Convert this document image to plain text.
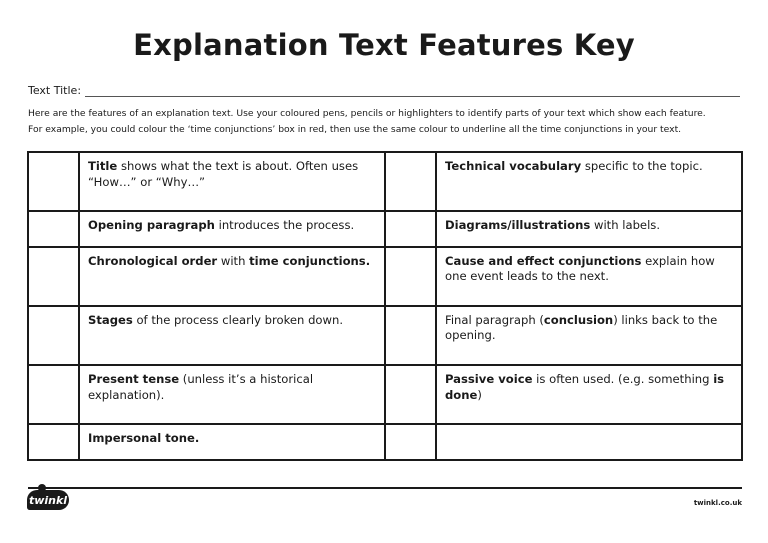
Explanation Text Features Key
Text Title:

Here are the features of an explanation text. Use your coloured pens, pencils or highlighters to identify parts of your text which show each feature.

For example, you could colour the ‘time conjunctions’ box in red, then use the same colour to underline all the time conjunctions in your text.

	Title shows what the text is about. Often uses “How…” or “Why…”		Technical vocabulary specific to the topic.
	Opening paragraph introduces the process.		Diagrams/illustrations with labels.
	Chronological order with time conjunctions.		Cause and effect conjunctions explain how one event leads to the next.
	Stages of the process clearly broken down.		Final paragraph (conclusion) links back to the opening.
	Present tense (unless it’s a historical explanation).		Passive voice is often used. (e.g. something is done)
	Impersonal tone.		
twinkl	twinkl.co.uk
